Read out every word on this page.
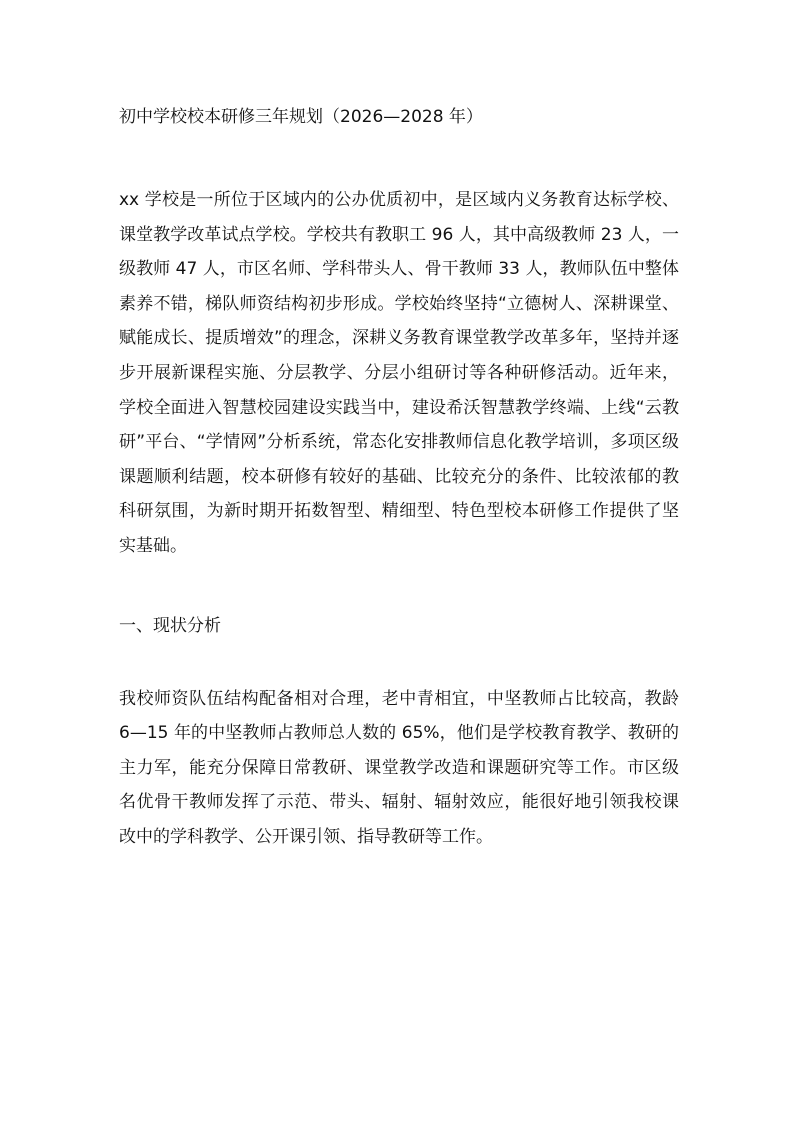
初中学校校本研修三年规划（2026—2028 年）

xx 学校是一所位于区域内的公办优质初中，是区域内义务教育达标学校、课堂教学改革试点学校。学校共有教职工 96 人，其中高级教师 23 人，一级教师 47 人，市区名师、学科带头人、骨干教师 33 人，教师队伍中整体素养不错，梯队师资结构初步形成。学校始终坚持“立德树人、深耕课堂、赋能成长、提质增效”的理念，深耕义务教育课堂教学改革多年，坚持并逐步开展新课程实施、分层教学、分层小组研讨等各种研修活动。近年来，学校全面进入智慧校园建设实践当中，建设希沃智慧教学终端、上线“云教研”平台、“学情网”分析系统，常态化安排教师信息化教学培训，多项区级课题顺利结题，校本研修有较好的基础、比较充分的条件、比较浓郁的教科研氛围，为新时期开拓数智型、精细型、特色型校本研修工作提供了坚实基础。

一、现状分析

我校师资队伍结构配备相对合理，老中青相宜，中坚教师占比较高，教龄 6—15 年的中坚教师占教师总人数的 65%，他们是学校教育教学、教研的主力军，能充分保障日常教研、课堂教学改造和课题研究等工作。市区级名优骨干教师发挥了示范、带头、辐射、辐射效应，能很好地引领我校课改中的学科教学、公开课引领、指导教研等工作。
